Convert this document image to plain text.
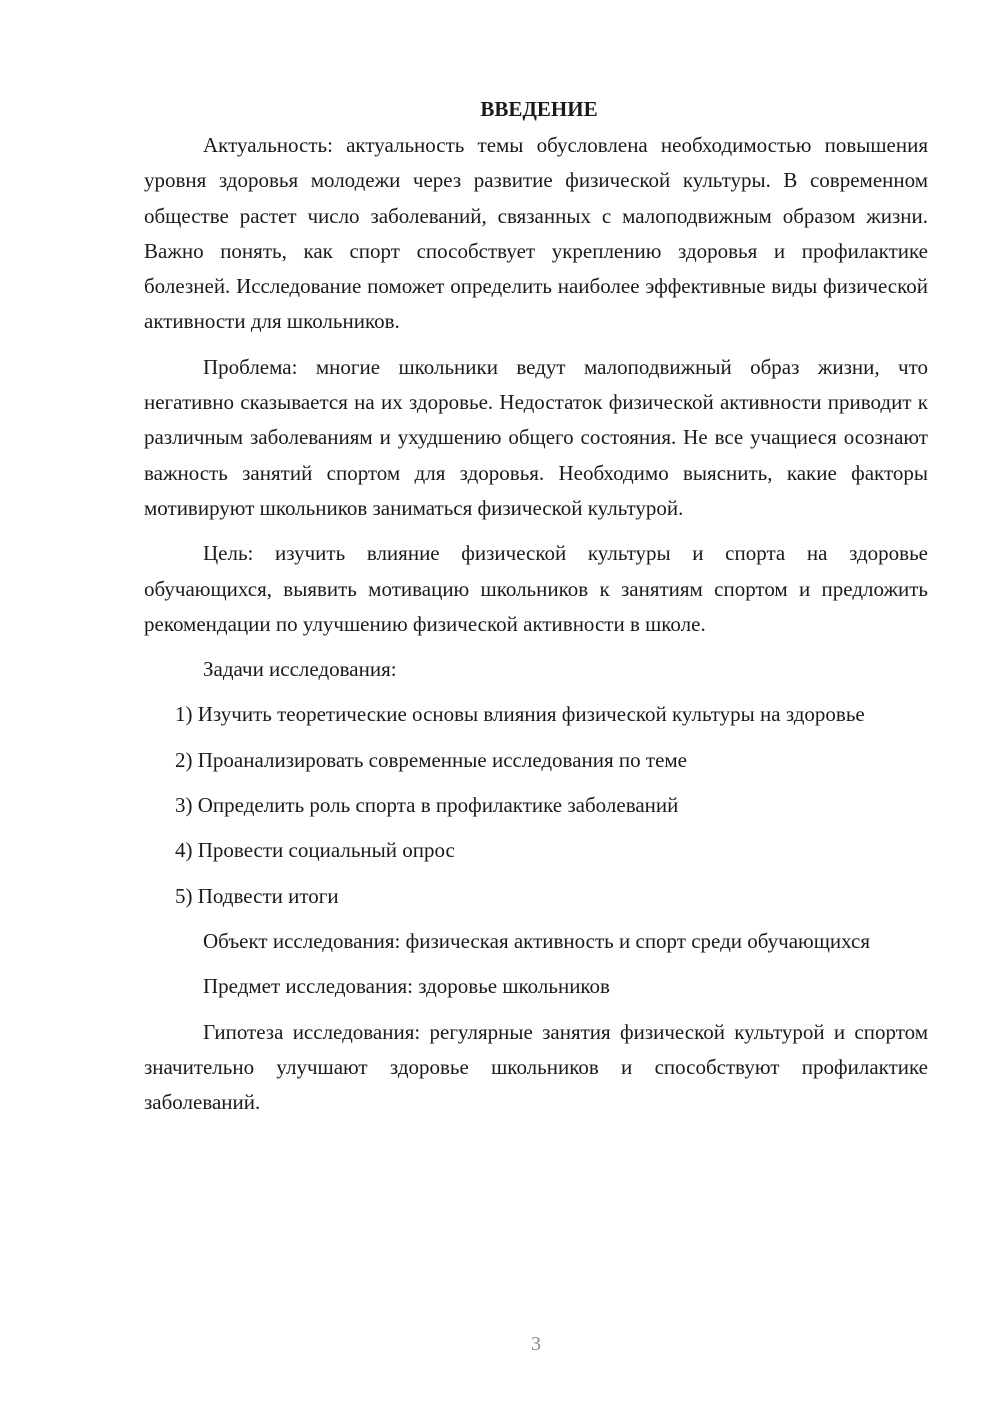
ВВЕДЕНИЕ

Актуальность: актуальность темы обусловлена необходимостью повышения уровня здоровья молодежи через развитие физической культуры. В современном обществе растет число заболеваний, связанных с малоподвижным образом жизни. Важно понять, как спорт способствует укреплению здоровья и профилактике болезней. Исследование поможет определить наиболее эффективные виды физической активности для школьников.

Проблема: многие школьники ведут малоподвижный образ жизни, что негативно сказывается на их здоровье. Недостаток физической активности приводит к различным заболеваниям и ухудшению общего состояния. Не все учащиеся осознают важность занятий спортом для здоровья. Необходимо выяснить, какие факторы мотивируют школьников заниматься физической культурой.

Цель: изучить влияние физической культуры и спорта на здоровье обучающихся, выявить мотивацию школьников к занятиям спортом и предложить рекомендации по улучшению физической активности в школе.

Задачи исследования:

1) Изучить теоретические основы влияния физической культуры на здоровье

2) Проанализировать современные исследования по теме

3) Определить роль спорта в профилактике заболеваний

4) Провести социальный опрос

5) Подвести итоги

Объект исследования: физическая активность и спорт среди обучающихся

Предмет исследования: здоровье школьников

Гипотеза исследования: регулярные занятия физической культурой и спортом значительно улучшают здоровье школьников и способствуют профилактике заболеваний.

3
